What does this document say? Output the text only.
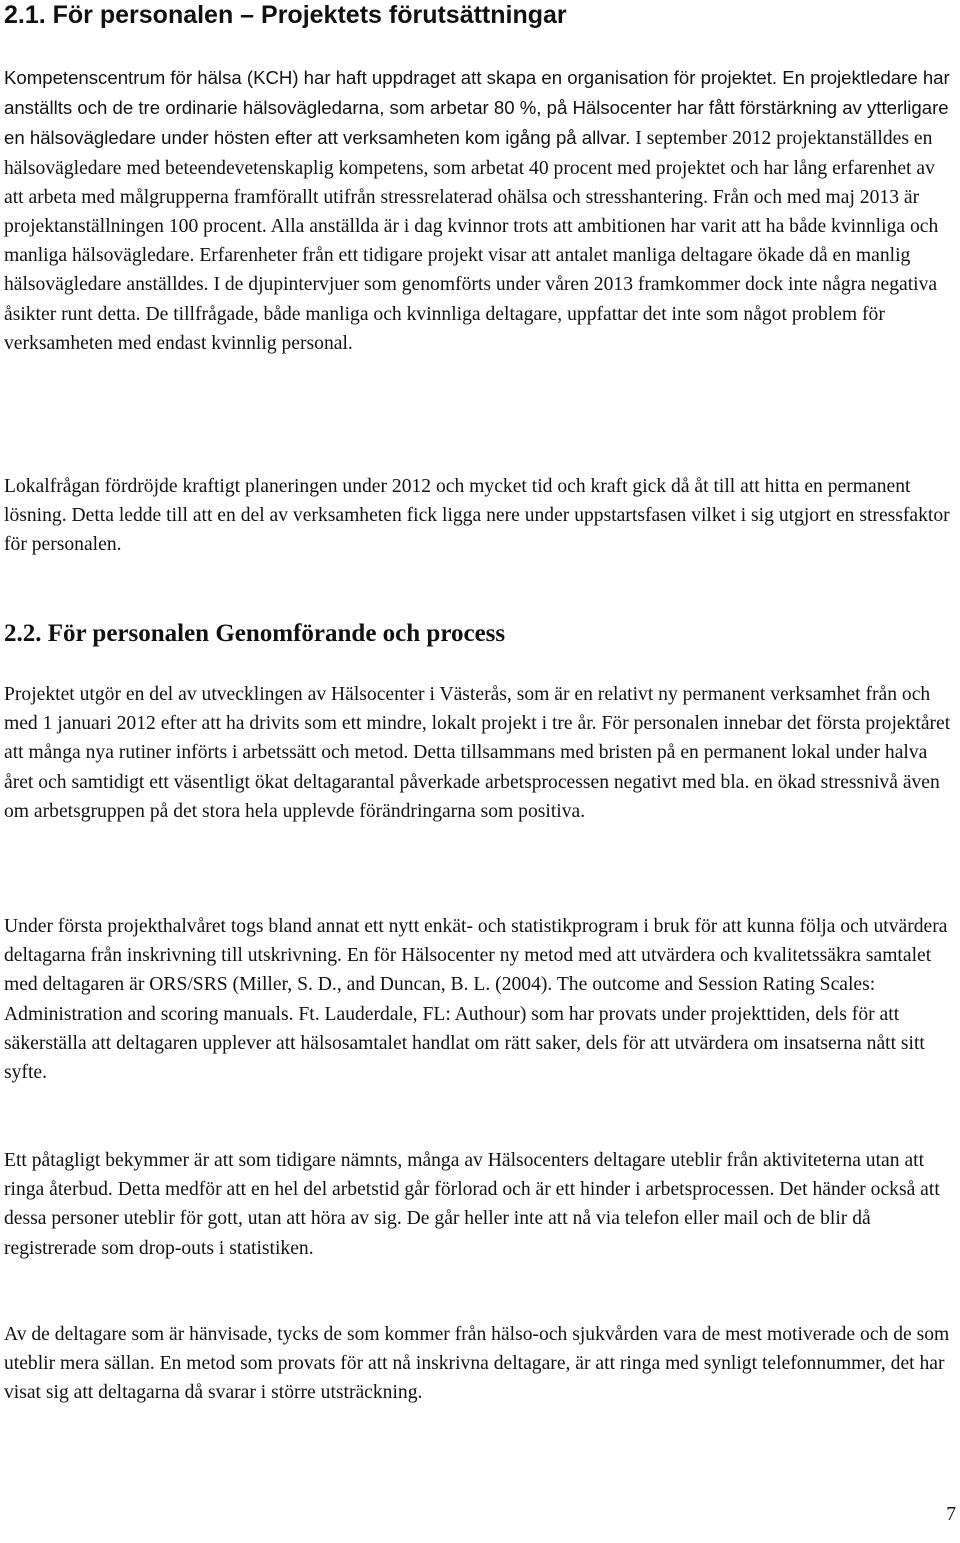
2.1. För personalen – Projektets förutsättningar

Kompetenscentrum för hälsa (KCH) har haft uppdraget att skapa en organisation för projektet. En projektledare har anställts och de tre ordinarie hälsovägledarna, som arbetar 80 %, på Hälsocenter har fått förstärkning av ytterligare en hälsovägledare under hösten efter att verksamheten kom igång på allvar. I september 2012 projektanställdes en hälsovägledare med beteendevetenskaplig kompetens, som arbetat 40 procent med projektet och har lång erfarenhet av att arbeta med målgrupperna framförallt utifrån stressrelaterad ohälsa och stresshantering. Från och med maj 2013 är projektanställningen 100 procent. Alla anställda är i dag kvinnor trots att ambitionen har varit att ha både kvinnliga och manliga hälsovägledare. Erfarenheter från ett tidigare projekt visar att antalet manliga deltagare ökade då en manlig hälsovägledare anställdes. I de djupintervjuer som genomförts under våren 2013 framkommer dock inte några negativa åsikter runt detta. De tillfrågade, både manliga och kvinnliga deltagare, uppfattar det inte som något problem för verksamheten med endast kvinnlig personal.

Lokalfrågan fördröjde kraftigt planeringen under 2012 och mycket tid och kraft gick då åt till att hitta en permanent lösning. Detta ledde till att en del av verksamheten fick ligga nere under uppstartsfasen vilket i sig utgjort en stressfaktor för personalen.

2.2. För personalen Genomförande och process

Projektet utgör en del av utvecklingen av Hälsocenter i Västerås, som är en relativt ny permanent verksamhet från och med 1 januari 2012 efter att ha drivits som ett mindre, lokalt projekt i tre år. För personalen innebar det första projektåret att många nya rutiner införts i arbetssätt och metod. Detta tillsammans med bristen på en permanent lokal under halva året och samtidigt ett väsentligt ökat deltagarantal påverkade arbetsprocessen negativt med bla. en ökad stressnivå även om arbetsgruppen på det stora hela upplevde förändringarna som positiva.

Under första projekthalvåret togs bland annat ett nytt enkät- och statistikprogram i bruk för att kunna följa och utvärdera deltagarna från inskrivning till utskrivning. En för Hälsocenter ny metod med att utvärdera och kvalitetssäkra samtalet med deltagaren är ORS/SRS (Miller, S. D., and Duncan, B. L. (2004). The outcome and Session Rating Scales: Administration and scoring manuals. Ft. Lauderdale, FL: Authour) som har provats under projekttiden, dels för att säkerställa att deltagaren upplever att hälsosamtalet handlat om rätt saker, dels för att utvärdera om insatserna nått sitt syfte.

Ett påtagligt bekymmer är att som tidigare nämnts, många av Hälsocenters deltagare uteblir från aktiviteterna utan att ringa återbud. Detta medför att en hel del arbetstid går förlorad och är ett hinder i arbetsprocessen. Det händer också att dessa personer uteblir för gott, utan att höra av sig. De går heller inte att nå via telefon eller mail och de blir då registrerade som drop-outs i statistiken.

Av de deltagare som är hänvisade, tycks de som kommer från hälso-och sjukvården vara de mest motiverade och de som uteblir mera sällan. En metod som provats för att nå inskrivna deltagare, är att ringa med synligt telefonnummer, det har visat sig att deltagarna då svarar i större utsträckning.

7
